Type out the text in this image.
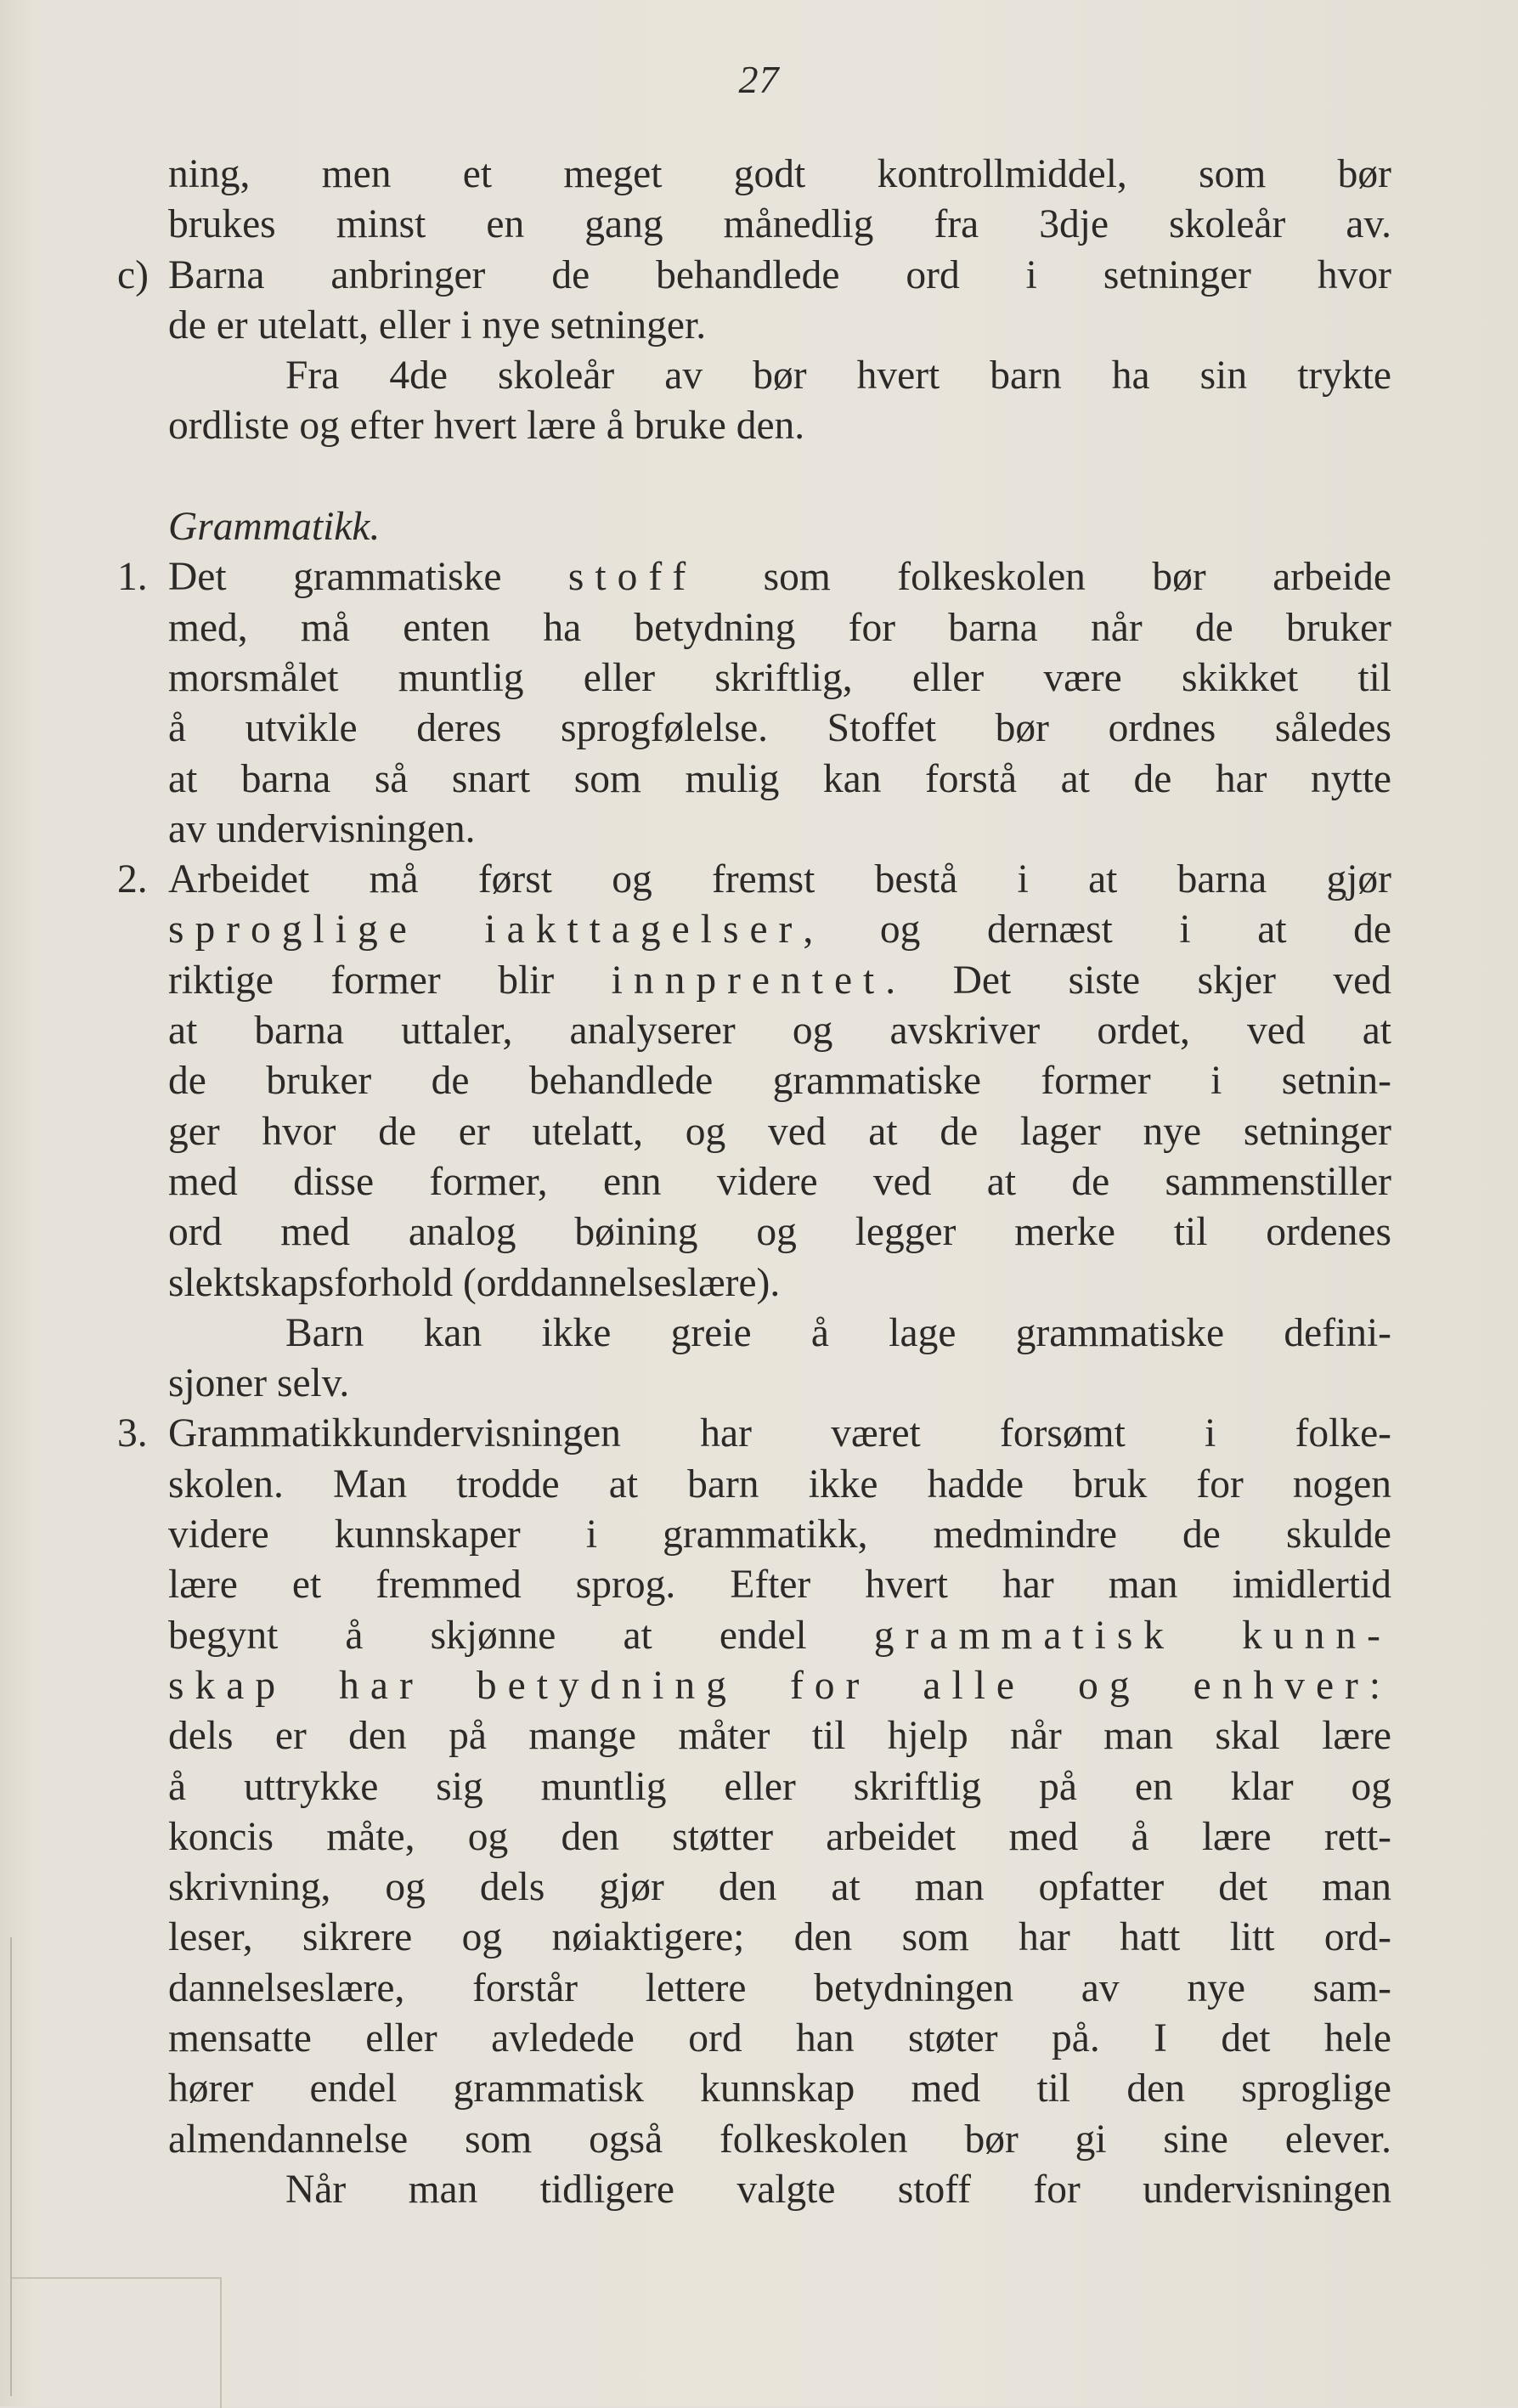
27
ning, men et meget godt kontrollmiddel, som bør
brukes minst en gang månedlig fra 3dje skoleår av.
c) Barna anbringer de behandlede ord i setninger hvor
de er utelatt, eller i nye setninger.
Fra 4de skoleår av bør hvert barn ha sin trykte
ordliste og efter hvert lære å bruke den.
Grammatikk.
1. Det grammatiske stoff som folkeskolen bør arbeide
med, må enten ha betydning for barna når de bruker
morsmålet muntlig eller skriftlig, eller være skikket til
å utvikle deres sprogfølelse. Stoffet bør ordnes således
at barna så snart som mulig kan forstå at de har nytte
av undervisningen.
2. Arbeidet må først og fremst bestå i at barna gjør
sproglige iakttagelser, og dernæst i at de
riktige former blir innprentet. Det siste skjer ved
at barna uttaler, analyserer og avskriver ordet, ved at
de bruker de behandlede grammatiske former i setnin-
ger hvor de er utelatt, og ved at de lager nye setninger
med disse former, enn videre ved at de sammenstiller
ord med analog bøining og legger merke til ordenes
slektskapsforhold (orddannelseslære).
Barn kan ikke greie å lage grammatiske defini-
sjoner selv.
3. Grammatikkundervisningen har været forsømt i folke-
skolen. Man trodde at barn ikke hadde bruk for nogen
videre kunnskaper i grammatikk, medmindre de skulde
lære et fremmed sprog. Efter hvert har man imidlertid
begynt å skjønne at endel grammatisk kunn-
skap har betydning for alle og enhver:
dels er den på mange måter til hjelp når man skal lære
å uttrykke sig muntlig eller skriftlig på en klar og
koncis måte, og den støtter arbeidet med å lære rett-
skrivning, og dels gjør den at man opfatter det man
leser, sikrere og nøiaktigere; den som har hatt litt ord-
dannelseslære, forstår lettere betydningen av nye sam-
mensatte eller avledede ord han støter på. I det hele
hører endel grammatisk kunnskap med til den sproglige
almendannelse som også folkeskolen bør gi sine elever.
Når man tidligere valgte stoff for undervisningen
